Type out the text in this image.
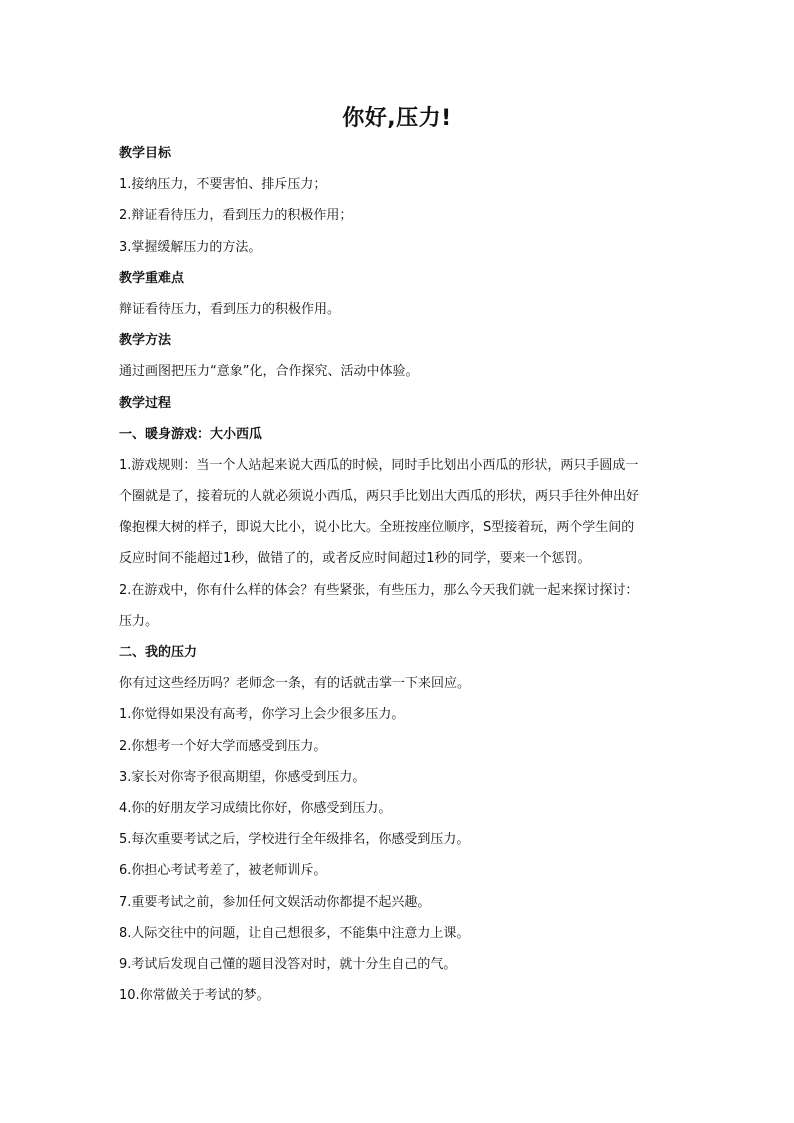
你好,压力!
教学目标
1.接纳压力，不要害怕、排斥压力；
2.辩证看待压力，看到压力的积极作用；
3.掌握缓解压力的方法。
教学重难点
辩证看待压力，看到压力的积极作用。
教学方法
通过画图把压力“意象”化，合作探究、活动中体验。
教学过程
一、暖身游戏：大小西瓜
1.游戏规则：当一个人站起来说大西瓜的时候，同时手比划出小西瓜的形状，两只手圆成一
个圈就是了，接着玩的人就必须说小西瓜，两只手比划出大西瓜的形状，两只手往外伸出好
像抱棵大树的样子，即说大比小，说小比大。全班按座位顺序，S型接着玩，两个学生间的
反应时间不能超过1秒，做错了的，或者反应时间超过1秒的同学，要来一个惩罚。
2.在游戏中，你有什么样的体会？有些紧张，有些压力，那么今天我们就一起来探讨探讨：
压力。
二、我的压力
你有过这些经历吗？老师念一条，有的话就击掌一下来回应。
1.你觉得如果没有高考，你学习上会少很多压力。
2.你想考一个好大学而感受到压力。
3.家长对你寄予很高期望，你感受到压力。
4.你的好朋友学习成绩比你好，你感受到压力。
5.每次重要考试之后，学校进行全年级排名，你感受到压力。
6.你担心考试考差了，被老师训斥。
7.重要考试之前，参加任何文娱活动你都提不起兴趣。
8.人际交往中的问题，让自己想很多，不能集中注意力上课。
9.考试后发现自己懂的题目没答对时，就十分生自己的气。
10.你常做关于考试的梦。
